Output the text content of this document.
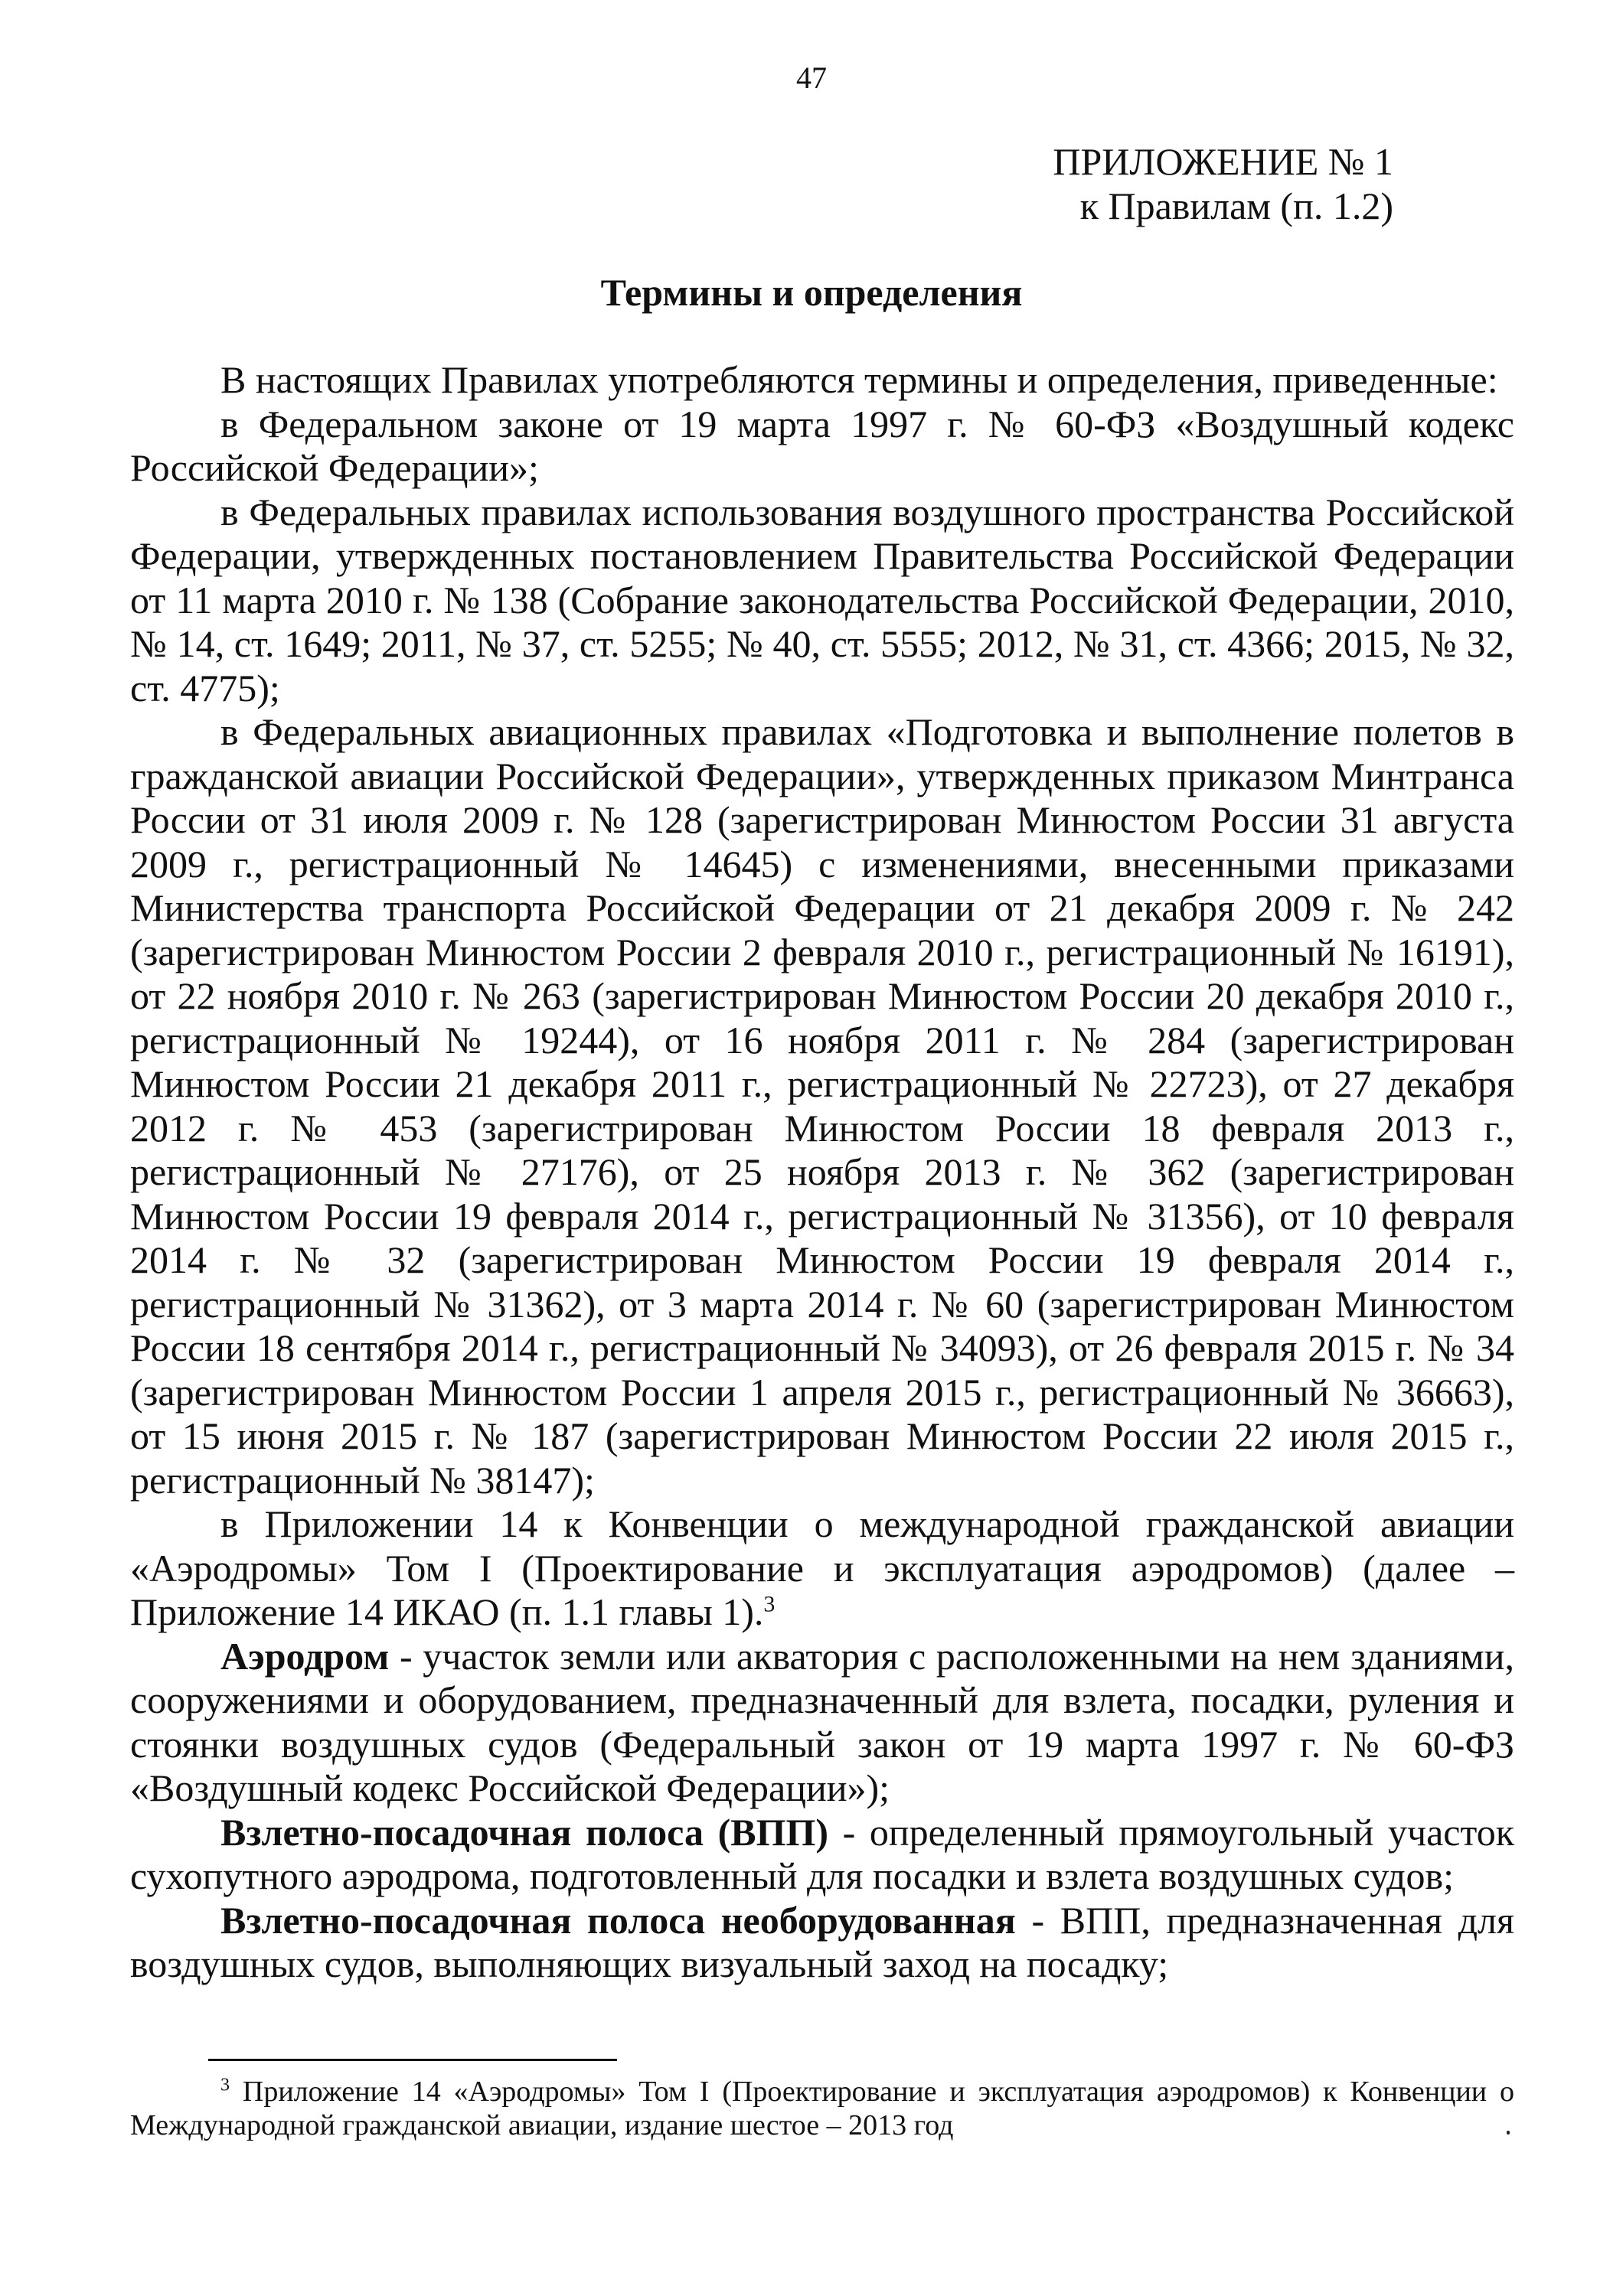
47
ПРИЛОЖЕНИЕ № 1
к Правилам (п. 1.2)
Термины и определения

В настоящих Правилах употребляются термины и определения, приведенные:

в Федеральном законе от 19 марта 1997 г. № 60-ФЗ «Воздушный кодекс Российской Федерации»;

в Федеральных правилах использования воздушного пространства Российской Федерации, утвержденных постановлением Правительства Российской Федерации от 11 марта 2010 г. № 138 (Собрание законодательства Российской Федерации, 2010, № 14, ст. 1649; 2011, № 37, ст. 5255; № 40, ст. 5555; 2012, № 31, ст. 4366; 2015, № 32, ст. 4775);

в Федеральных авиационных правилах «Подготовка и выполнение полетов в гражданской авиации Российской Федерации», утвержденных приказом Минтранса России от 31 июля 2009 г. № 128 (зарегистрирован Минюстом России 31 августа 2009 г., регистрационный № 14645) с изменениями, внесенными приказами Министерства транспорта Российской Федерации от 21 декабря 2009 г. № 242 (зарегистрирован Минюстом России 2 февраля 2010 г., регистрационный № 16191), от 22 ноября 2010 г. № 263 (зарегистрирован Минюстом России 20 декабря 2010 г., регистрационный № 19244), от 16 ноября 2011 г. № 284 (зарегистрирован Минюстом России 21 декабря 2011 г., регистрационный № 22723), от 27 декабря 2012 г. № 453 (зарегистрирован Минюстом России 18 февраля 2013 г., регистрационный № 27176), от 25 ноября 2013 г. № 362 (зарегистрирован Минюстом России 19 февраля 2014 г., регистрационный № 31356), от 10 февраля 2014 г. № 32 (зарегистрирован Минюстом России 19 февраля 2014 г., регистрационный № 31362), от 3 марта 2014 г. № 60 (зарегистрирован Минюстом России 18 сентября 2014 г., регистрационный № 34093), от 26 февраля 2015 г. № 34 (зарегистрирован Минюстом России 1 апреля 2015 г., регистрационный № 36663), от 15 июня 2015 г. № 187 (зарегистрирован Минюстом России 22 июля 2015 г., регистрационный № 38147);

в Приложении 14 к Конвенции о международной гражданской авиации «Аэродромы» Том I (Проектирование и эксплуатация аэродромов) (далее – Приложение 14 ИКАО (п. 1.1 главы 1).$^3$

Аэродром - участок земли или акватория с расположенными на нем зданиями, сооружениями и оборудованием, предназначенный для взлета, посадки, руления и стоянки воздушных судов (Федеральный закон от 19 марта 1997 г. № 60-ФЗ «Воздушный кодекс Российской Федерации»);

Взлетно-посадочная полоса (ВПП) - определенный прямоугольный участок сухопутного аэродрома, подготовленный для посадки и взлета воздушных судов;

Взлетно-посадочная полоса необорудованная - ВПП, предназначенная для воздушных судов, выполняющих визуальный заход на посадку;

$^3$ Приложение 14 «Аэродромы» Том I (Проектирование и эксплуатация аэродромов) к Конвенции о Международной гражданской авиации, издание шестое – 2013 год
